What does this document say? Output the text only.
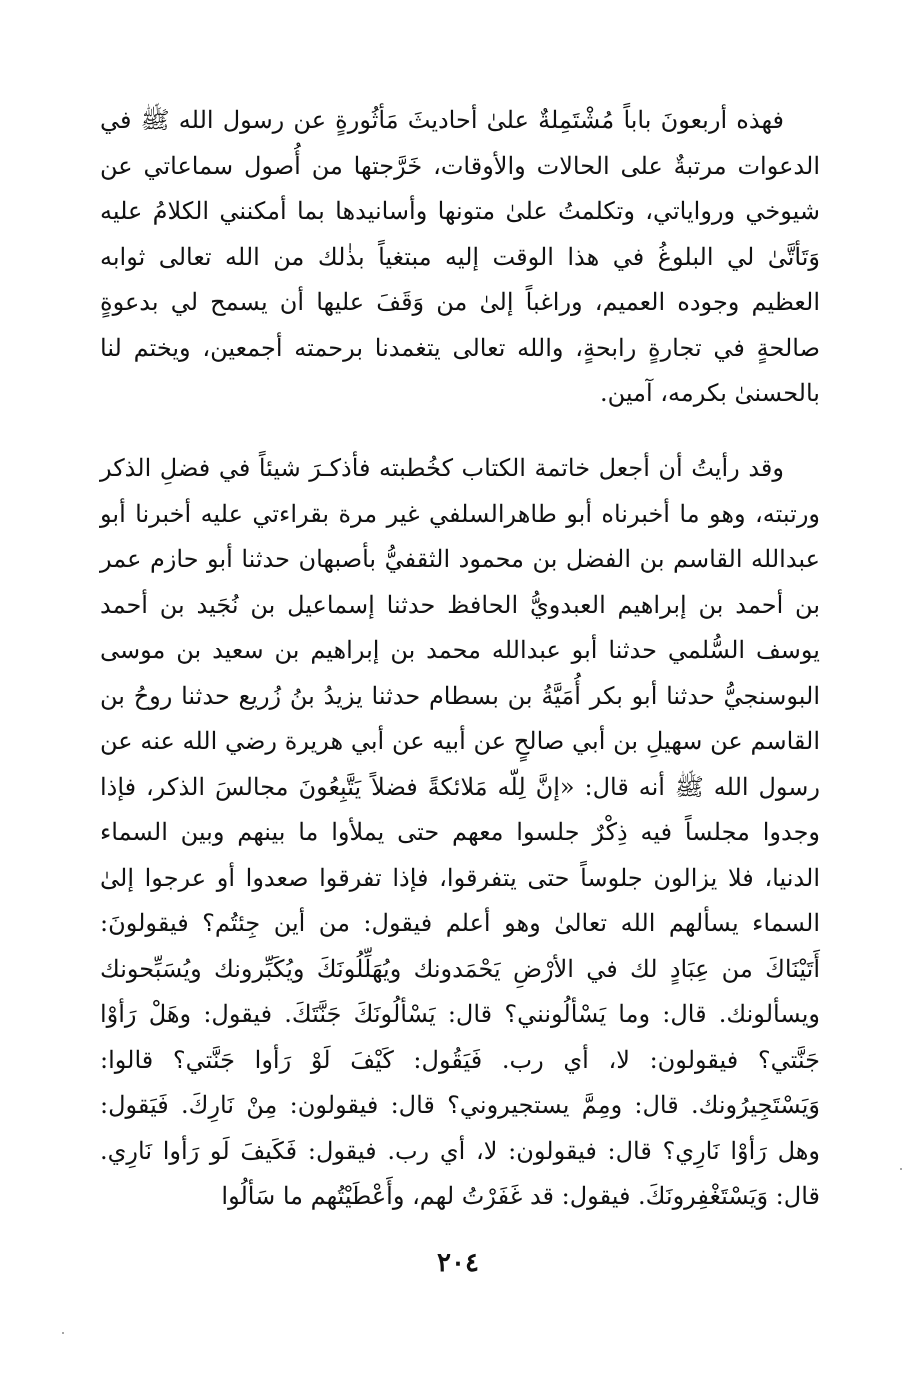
فهذه أربعونَ باباً مُشْتَمِلةٌ علىٰ أحاديثَ مَأثُورةٍ عن رسول الله ﷺ في الدعوات مرتبةٌ على الحالات والأوقات، خَرَّجتها من أُصول سماعاتي عن شيوخي ورواياتي، وتكلمتُ علىٰ متونها وأسانيدها بما أمكنني الكلامُ عليه وَتَأتَّىٰ لي البلوغُ في هذا الوقت إليه مبتغياً بذٰلك من الله تعالى ثوابه العظيم وجوده العميم، وراغباً إلىٰ من وَقَفَ عليها أن يسمح لي بدعوةٍ صالحةٍ في تجارةٍ رابحةٍ، والله تعالى يتغمدنا برحمته أجمعين، ويختم لنا بالحسنىٰ بكرمه، آمين.

وقد رأيتُ أن أجعل خاتمة الكتاب كخُطبته فأذكـرَ شيئاً في فضلِ الذكر ورتبته، وهو ما أخبرناه أبو طاهرالسلفي غير مرة بقراءتي عليه أخبرنا أبو عبدالله القاسم بن الفضل بن محمود الثقفيُّ بأصبهان حدثنا أبو حازم عمر بن أحمد بن إبراهيم العبدويُّ الحافظ حدثنا إسماعيل بن نُجَيد بن أحمد يوسف السُّلمي حدثنا أبو عبدالله محمد بن إبراهيم بن سعيد بن موسى البوسنجيُّ حدثنا أبو بكر أُمَيَّةُ بن بسطام حدثنا يزيدُ بنُ زُريع حدثنا روحُ بن القاسم عن سهيلِ بن أبي صالحٍ عن أبيه عن أبي هريرة رضي الله عنه عن رسول الله ﷺ أنه قال: «إنَّ لِلّه مَلائكةً فضلاً يَتَّبِعُونَ مجالسَ الذكر، فإذا وجدوا مجلساً فيه ذِكْرٌ جلسوا معهم حتى يملأوا ما بينهم وبين السماء الدنيا، فلا يزالون جلوساً حتى يتفرقوا، فإذا تفرقوا صعدوا أو عرجوا إلىٰ السماء يسألهم الله تعالىٰ وهو أعلم فيقول: من أين جِئتُم؟ فيقولونَ: أَتَيْنَاكَ من عِبَادٍ لك في الأرْضِ يَحْمَدونك ويُهَلِّلُونَكَ ويُكَبِّرونك ويُسَبِّحونك ويسألونك. قال: وما يَسْألُونني؟ قال: يَسْألُونَكَ جَنَّتَكَ. فيقول: وهَلْ رَأوْا جَنَّتي؟ فيقولون: لا، أي رب. فَيَقُول: كَيْفَ لَوْ رَأوا جَنَّتي؟ قالوا: وَيَسْتَجِيرُونك. قال: ومِمَّ يستجيروني؟ قال: فيقولون: مِنْ نَارِكَ. فَيَقول: وهل رَأوْا نَارِي؟ قال: فيقولون: لا، أي رب. فيقول: فَكَيفَ لَو رَأوا نَارِي. قال: وَيَسْتَغْفِرونَكَ. فيقول: قد غَفَرْتُ لهم، وأَعْطَيْتُهم ما سَألُوا

٢٠٤
